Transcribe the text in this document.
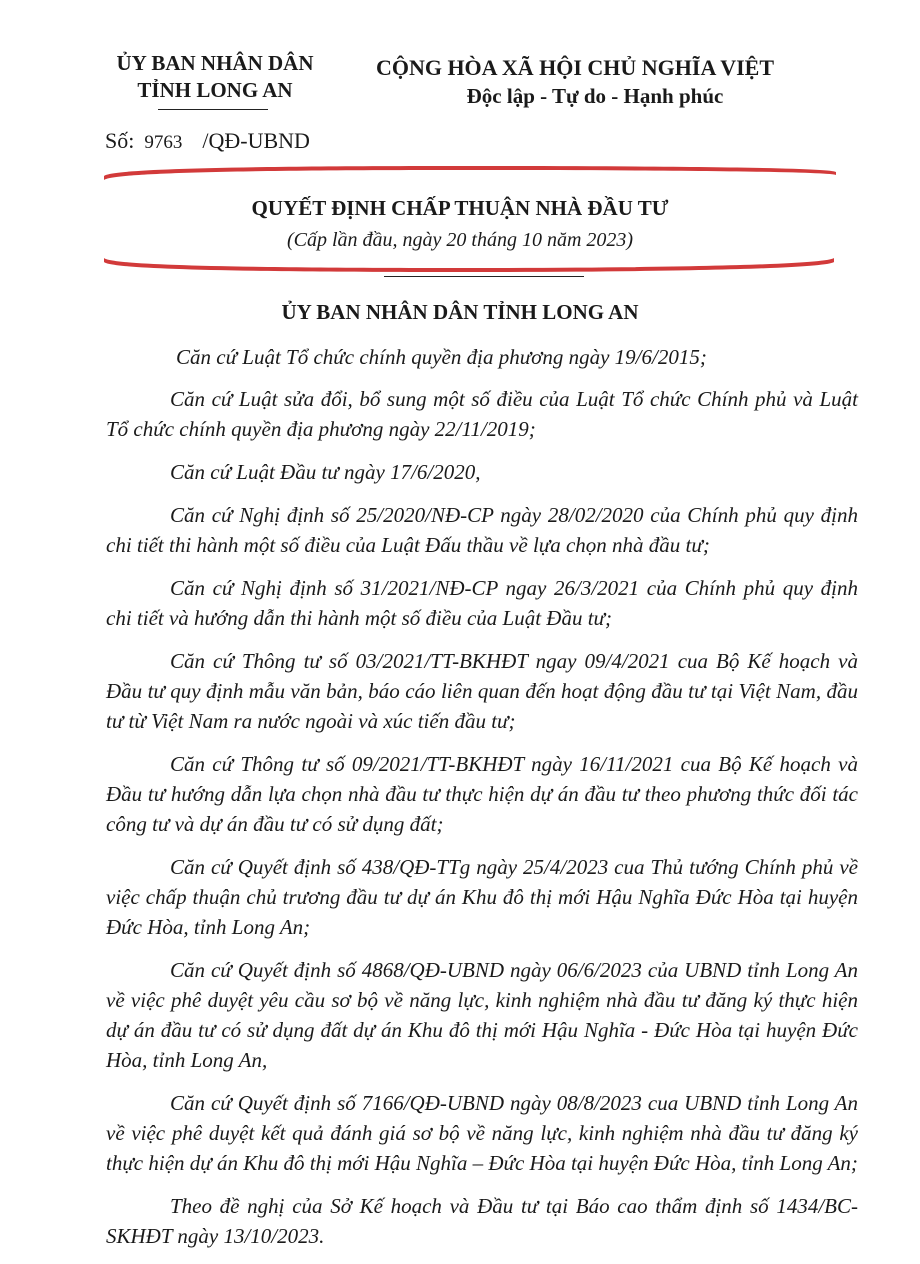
ỦY BAN NHÂN DÂN
TỈNH LONG AN
CỘNG HÒA XÃ HỘI CHỦ NGHĨA VIỆT
Độc lập - Tự do - Hạnh phúc
Số: 9763 /QĐ-UBND
QUYẾT ĐỊNH CHẤP THUẬN NHÀ ĐẦU TƯ
(Cấp lần đầu, ngày 20 tháng 10 năm 2023)
ỦY BAN NHÂN DÂN TỈNH LONG AN

Căn cứ Luật Tổ chức chính quyền địa phương ngày 19/6/2015;

Căn cứ Luật sửa đổi, bổ sung một số điều của Luật Tổ chức Chính phủ và Luật Tổ chức chính quyền địa phương ngày 22/11/2019;

Căn cứ Luật Đầu tư ngày 17/6/2020,

Căn cứ Nghị định số 25/2020/NĐ-CP ngày 28/02/2020 của Chính phủ quy định chi tiết thi hành một số điều của Luật Đấu thầu về lựa chọn nhà đầu tư;

Căn cứ Nghị định số 31/2021/NĐ-CP ngay 26/3/2021 của Chính phủ quy định chi tiết và hướng dẫn thi hành một số điều của Luật Đầu tư;

Căn cứ Thông tư số 03/2021/TT-BKHĐT ngay 09/4/2021 cua Bộ Kế hoạch và Đầu tư quy định mẫu văn bản, báo cáo liên quan đến hoạt động đầu tư tại Việt Nam, đầu tư từ Việt Nam ra nước ngoài và xúc tiến đầu tư;

Căn cứ Thông tư số 09/2021/TT-BKHĐT ngày 16/11/2021 cua Bộ Kế hoạch và Đầu tư hướng dẫn lựa chọn nhà đầu tư thực hiện dự án đầu tư theo phương thức đối tác công tư và dự án đầu tư có sử dụng đất;

Căn cứ Quyết định số 438/QĐ-TTg ngày 25/4/2023 cua Thủ tướng Chính phủ về việc chấp thuận chủ trương đầu tư dự án Khu đô thị mới Hậu Nghĩa Đức Hòa tại huyện Đức Hòa, tỉnh Long An;

Căn cứ Quyết định số 4868/QĐ-UBND ngày 06/6/2023 của UBND tỉnh Long An về việc phê duyệt yêu cầu sơ bộ về năng lực, kinh nghiệm nhà đầu tư đăng ký thực hiện dự án đầu tư có sử dụng đất dự án Khu đô thị mới Hậu Nghĩa - Đức Hòa tại huyện Đức Hòa, tỉnh Long An,

Căn cứ Quyết định số 7166/QĐ-UBND ngày 08/8/2023 cua UBND tỉnh Long An về việc phê duyệt kết quả đánh giá sơ bộ về năng lực, kinh nghiệm nhà đầu tư đăng ký thực hiện dự án Khu đô thị mới Hậu Nghĩa – Đức Hòa tại huyện Đức Hòa, tỉnh Long An;

Theo đề nghị của Sở Kế hoạch và Đầu tư tại Báo cao thẩm định số 1434/BC-SKHĐT ngày 13/10/2023.
